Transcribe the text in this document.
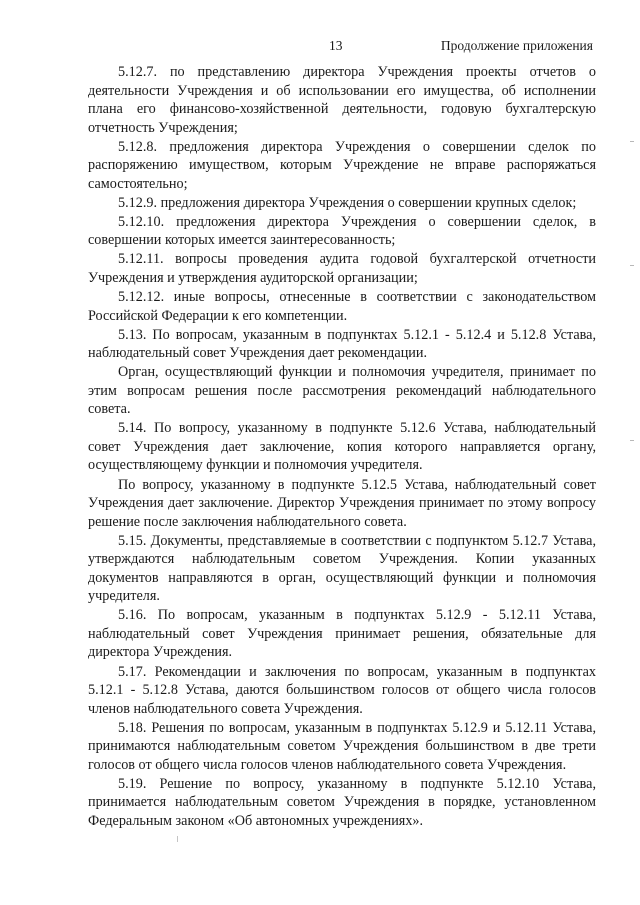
13	Продолжение приложения

5.12.7. по представлению директора Учреждения проекты отчетов о деятельности Учреждения и об использовании его имущества, об исполнении плана его финансово-хозяйственной деятельности, годовую бухгалтерскую отчетность Учреждения;

5.12.8. предложения директора Учреждения о совершении сделок по распоряжению имуществом, которым Учреждение не вправе распоряжаться самостоятельно;

5.12.9. предложения директора Учреждения о совершении крупных сделок;

5.12.10. предложения директора Учреждения о совершении сделок, в совершении которых имеется заинтересованность;

5.12.11. вопросы проведения аудита годовой бухгалтерской отчетности Учреждения и утверждения аудиторской организации;

5.12.12. иные вопросы, отнесенные в соответствии с законодательством Российской Федерации к его компетенции.

5.13. По вопросам, указанным в подпунктах 5.12.1 - 5.12.4 и 5.12.8 Устава, наблюдательный совет Учреждения дает рекомендации.

Орган, осуществляющий функции и полномочия учредителя, принимает по этим вопросам решения после рассмотрения рекомендаций наблюдательного совета.

5.14. По вопросу, указанному в подпункте 5.12.6 Устава, наблюдательный совет Учреждения дает заключение, копия которого направляется органу, осуществляющему функции и полномочия учредителя.

По вопросу, указанному в подпункте 5.12.5 Устава, наблюдательный совет Учреждения дает заключение. Директор Учреждения принимает по этому вопросу решение после заключения наблюдательного совета.

5.15. Документы, представляемые в соответствии с подпунктом 5.12.7 Устава, утверждаются наблюдательным советом Учреждения. Копии указанных документов направляются в орган, осуществляющий функции и полномочия учредителя.

5.16. По вопросам, указанным в подпунктах 5.12.9 - 5.12.11 Устава, наблюдательный совет Учреждения принимает решения, обязательные для директора Учреждения.

5.17. Рекомендации и заключения по вопросам, указанным в подпунктах 5.12.1 - 5.12.8 Устава, даются большинством голосов от общего числа голосов членов наблюдательного совета Учреждения.

5.18. Решения по вопросам, указанным в подпунктах 5.12.9 и 5.12.11 Устава, принимаются наблюдательным советом Учреждения большинством в две трети голосов от общего числа голосов членов наблюдательного совета Учреждения.

5.19. Решение по вопросу, указанному в подпункте 5.12.10 Устава, принимается наблюдательным советом Учреждения в порядке, установленном Федеральным законом «Об автономных учреждениях».
